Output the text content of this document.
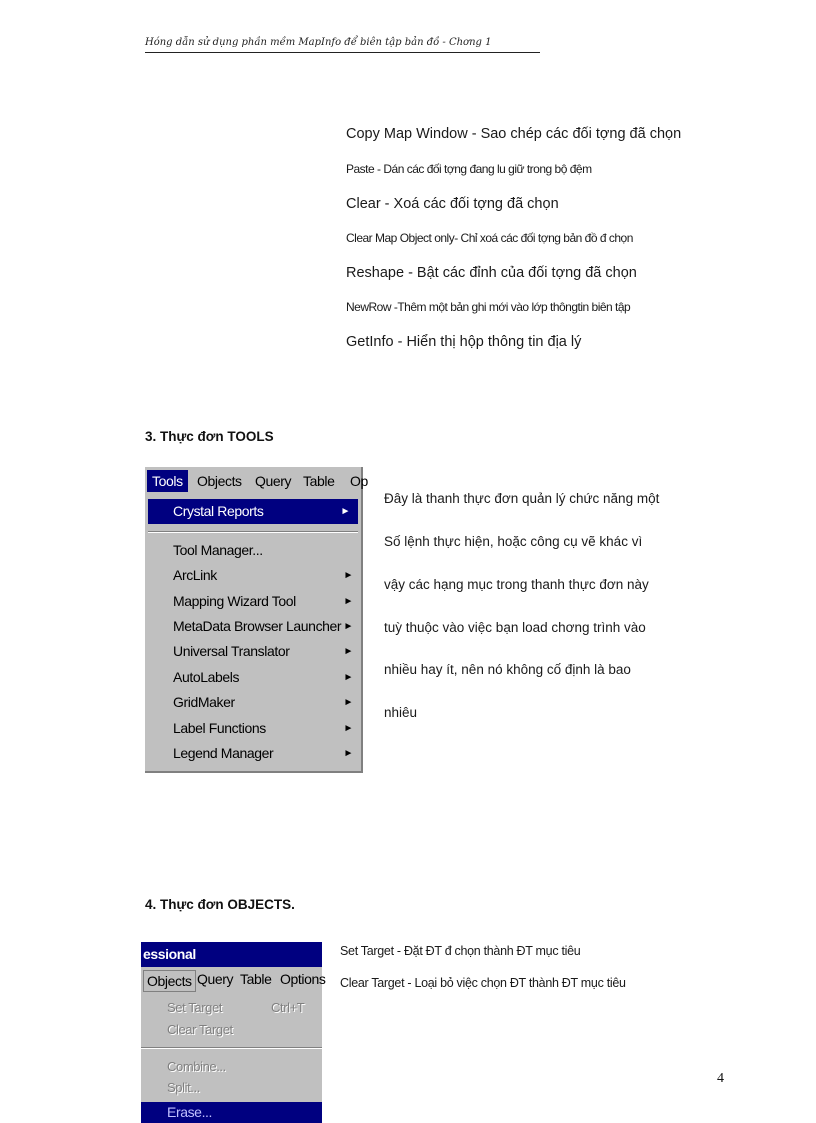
Hóng dẫn sử dụng phần mềm MapInfo để biên tập bản đồ - Chơng 1
Copy Map Window - Sao chép các đối tợng đã chọn
Paste - Dán các đối tợng đang lu giữ trong bộ đệm
Clear - Xoá các đối tợng đã chọn
Clear Map Object only- Chỉ xoá các đối tợng bản đồ đ chọn
Reshape - Bật các đỉnh của đối tợng đã chọn
NewRow -Thêm một bản ghi mới vào lớp thôngtin biên tập
GetInfo - Hiển thị hộp thông tin địa lý
3. Thực đơn TOOLS
Tools	Objects Query Table Op
Crystal Reports	►
Tool Manager...
ArcLink	►
Mapping Wizard Tool	►
MetaData Browser Launcher ►
Universal Translator	►
AutoLabels	►
GridMaker	►
Label Functions	►
Legend Manager	►
Đây là thanh thực đơn quản lý chức năng một
Số lệnh thực hiện, hoặc công cụ vẽ khác vì
vậy các hạng mục trong thanh thực đơn này
tuỳ thuộc vào việc bạn load chơng trình vào
nhiều hay ít, nên nó không cố định là bao
nhiêu
4. Thực đơn OBJECTS.
essional
Objects Query Table Options
Set Target	Ctrl+T
Clear Target
Combine...
Split...
Erase...
Set Target - Đặt ĐT đ chọn thành ĐT mục tiêu
Clear Target - Loại bỏ việc chọn ĐT thành ĐT mục tiêu
4
